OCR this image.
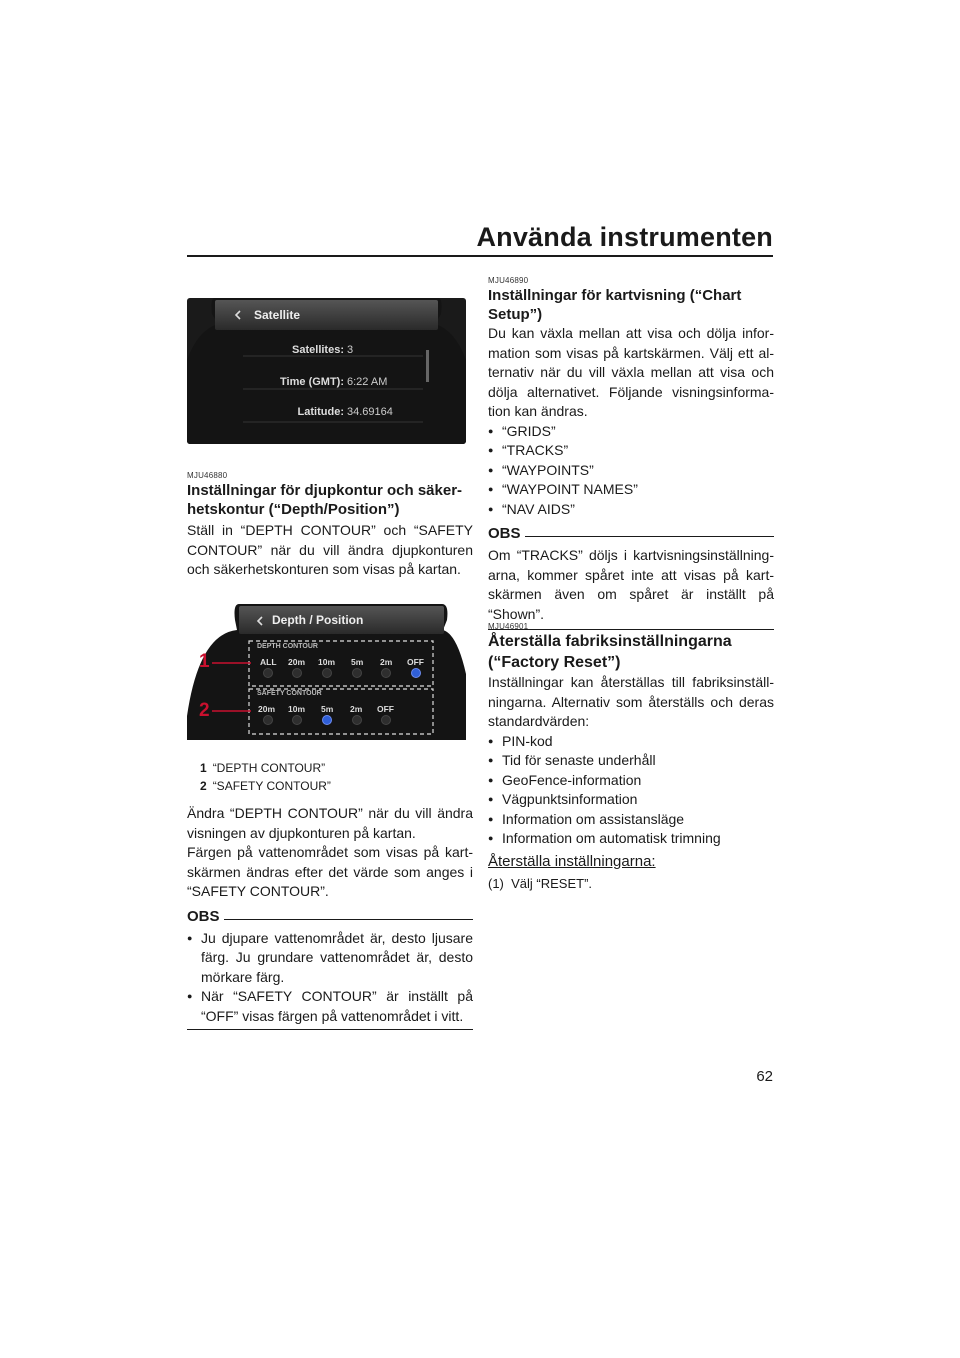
Använda instrumenten
Satellite
Satellites: 3
Time (GMT): 6:22 AM
Latitude: 34.69164
MJU46880
Inställningar för djupkontur och säker-hetskontur (“Depth/Position”)

Ställ in “DEPTH CONTOUR” och “SAFETY CONTOUR” när du vill ändra djupkonturen och säkerhetskonturen som visas på kartan.

Depth / Position
DEPTH CONTOUR
ALL 20m 10m 5m 2m OFF
SAFETY CONTOUR
20m 10m 5m 2m OFF
1
2
1 “DEPTH CONTOUR”
2 “SAFETY CONTOUR”

Ändra “DEPTH CONTOUR” när du vill ändra visningen av djupkonturen på kartan.

Färgen på vattenområdet som visas på kart-skärmen ändras efter det värde som anges i “SAFETY CONTOUR”.

OBS
● Ju djupare vattenområdet är, desto ljusare färg. Ju grundare vattenområdet är, desto mörkare färg.
● När “SAFETY CONTOUR” är inställt på “OFF” visas färgen på vattenområdet i vitt.
MJU46890
Inställningar för kartvisning (“Chart Setup”)

Du kan växla mellan att visa och dölja infor-mation som visas på kartskärmen. Välj ett al-ternativ när du vill växla mellan att visa och dölja alternativet. Följande visningsinforma-tion kan ändras.

● “GRIDS”
● “TRACKS”
● “WAYPOINTS”
● “WAYPOINT NAMES”
● “NAV AIDS”
OBS

Om “TRACKS” döljs i kartvisningsinställning-arna, kommer spåret inte att visas på kart-skärmen även om spåret är inställt på “Shown”.

MJU46901
Återställa fabriksinställningarna (“Factory Reset”)

Inställningar kan återställas till fabriksinställ-ningarna. Alternativ som återställs och deras standardvärden:

● PIN-kod
● Tid för senaste underhåll
● GeoFence-information
● Vägpunktsinformation
● Information om assistansläge
● Information om automatisk trimning
Återställa inställningarna:
(1)  Välj “RESET”.
62
